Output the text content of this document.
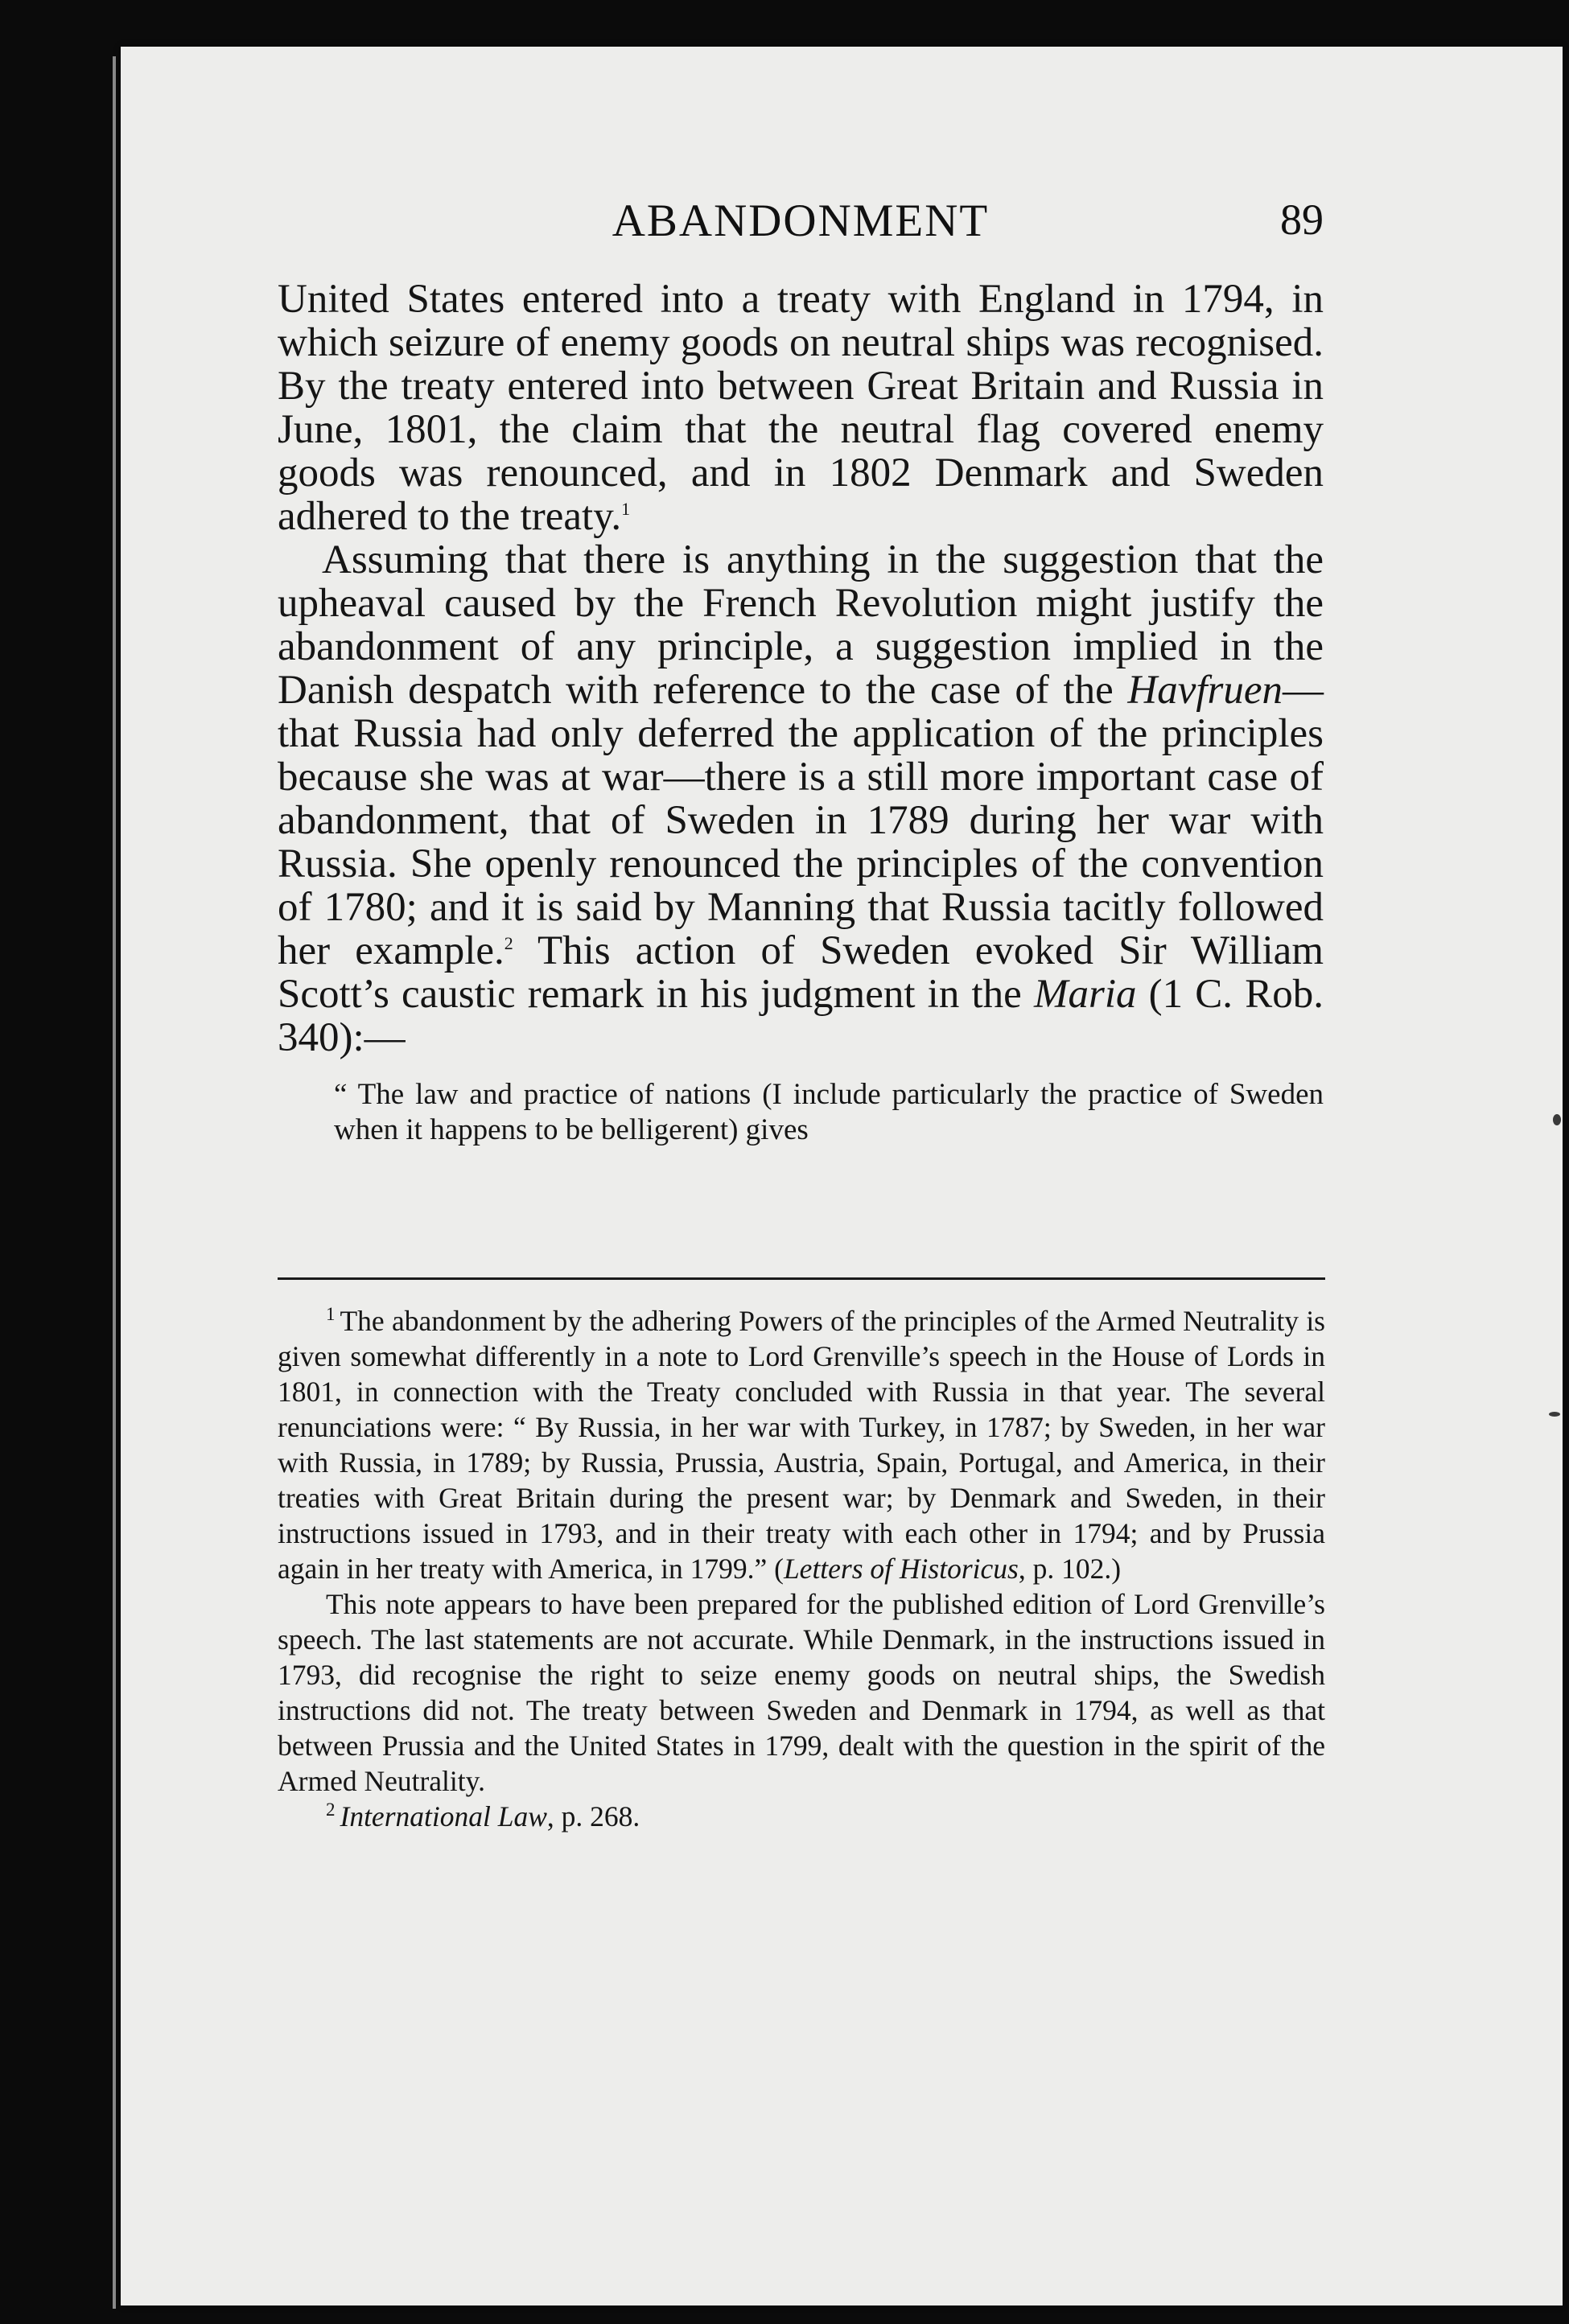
ABANDONMENT	89

United States entered into a treaty with England in 1794, in which seizure of enemy goods on neutral ships was recognised. By the treaty entered into between Great Britain and Russia in June, 1801, the claim that the neutral flag covered enemy goods was renounced, and in 1802 Denmark and Sweden adhered to the treaty.$^1$

Assuming that there is anything in the suggestion that the upheaval caused by the French Revolution might justify the abandonment of any principle, a suggestion implied in the Danish despatch with reference to the case of the Havfruen—that Russia had only deferred the application of the principles because she was at war—there is a still more important case of abandonment, that of Sweden in 1789 during her war with Russia. She openly renounced the principles of the convention of 1780; and it is said by Manning that Russia tacitly followed her example.$^2$ This action of Sweden evoked Sir William Scott’s caustic remark in his judgment in the Maria (1 C. Rob. 340):—

“ The law and practice of nations (I include particularly the practice of Sweden when it happens to be belligerent) gives

$^1$ The abandonment by the adhering Powers of the principles of the Armed Neutrality is given somewhat differently in a note to Lord Grenville’s speech in the House of Lords in 1801, in connection with the Treaty concluded with Russia in that year. The several renunciations were: “ By Russia, in her war with Turkey, in 1787; by Sweden, in her war with Russia, in 1789; by Russia, Prussia, Austria, Spain, Portugal, and America, in their treaties with Great Britain during the present war; by Denmark and Sweden, in their instructions issued in 1793, and in their treaty with each other in 1794; and by Prussia again in her treaty with America, in 1799.” (Letters of Historicus, p. 102.)

This note appears to have been prepared for the published edition of Lord Grenville’s speech. The last statements are not accurate. While Denmark, in the instructions issued in 1793, did recognise the right to seize enemy goods on neutral ships, the Swedish instructions did not. The treaty between Sweden and Denmark in 1794, as well as that between Prussia and the United States in 1799, dealt with the question in the spirit of the Armed Neutrality.

$^2$ International Law, p. 268.
